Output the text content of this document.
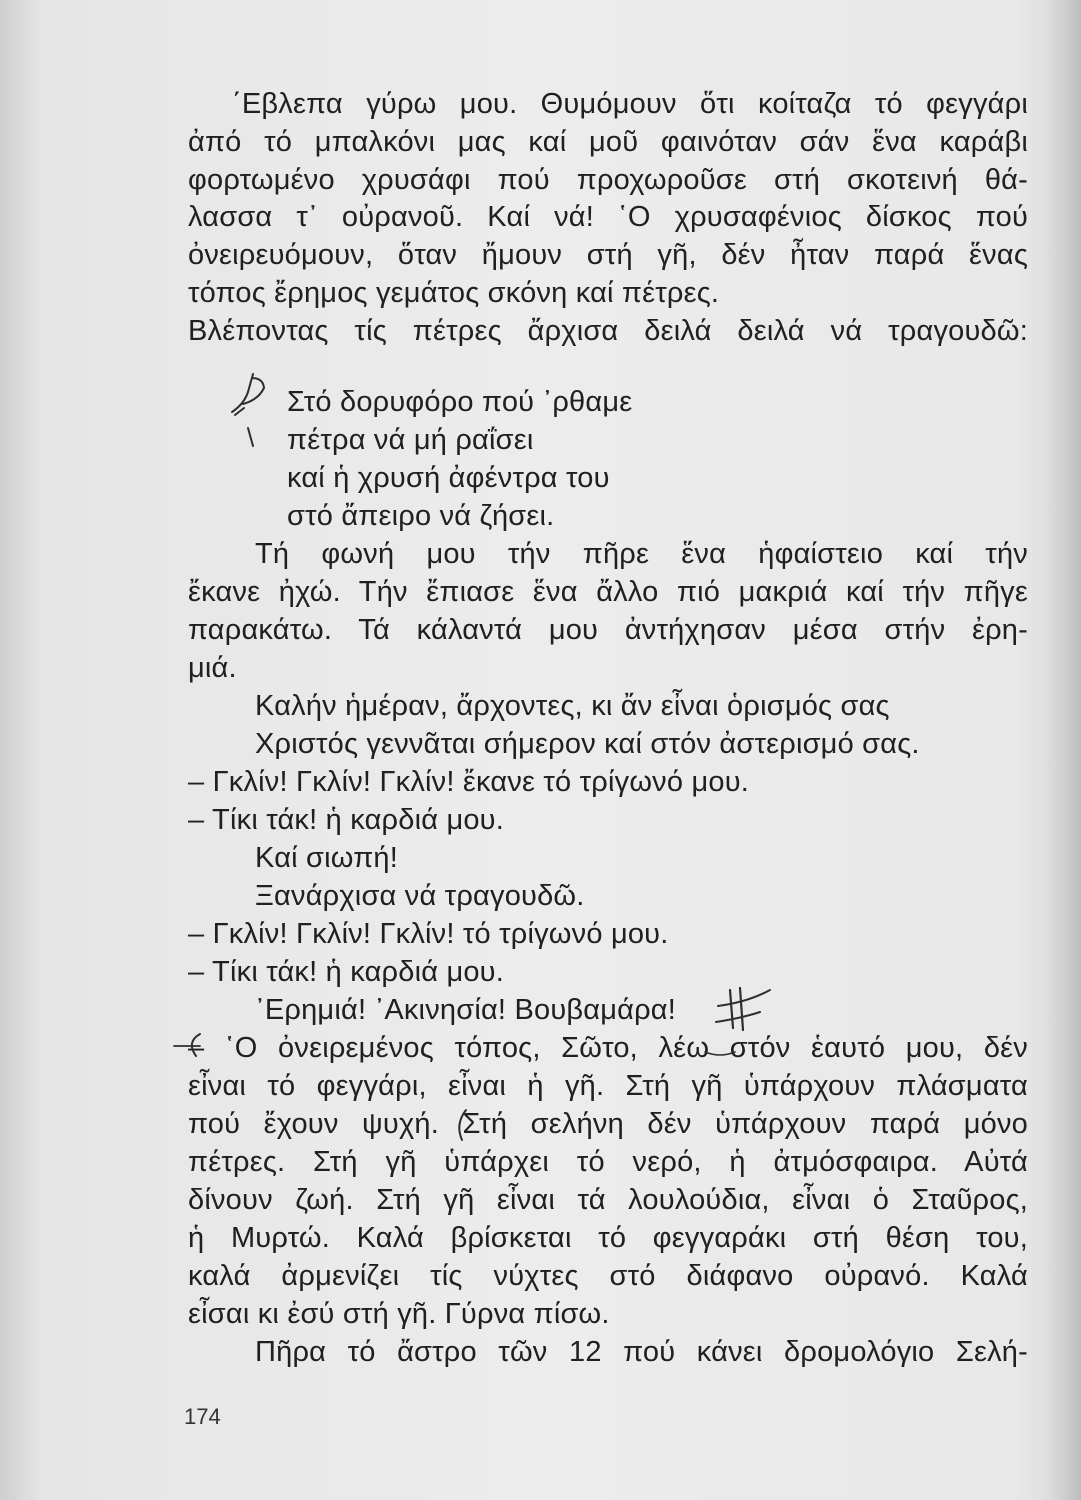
΄Εβλεπα γύρω μου. Θυμόμουν ὅτι κοίταζα τό φεγγάρι

ἀπό τό μπαλκόνι μας καί μοῦ φαινόταν σάν ἕνα καράβι

φορτωμένο χρυσάφι πού προχωροῦσε στή σκοτεινή θά-

λασσα τ᾿ οὐρανοῦ. Καί νά! ῾Ο χρυσαφένιος δίσκος πού

ὀνειρευόμουν, ὅταν ἤμουν στή γῆ, δέν ἦταν παρά ἕνας

τόπος ἔρημος γεμάτος σκόνη καί πέτρες.

Βλέποντας τίς πέτρες ἄρχισα δειλά δειλά νά τραγουδῶ:

Στό δορυφόρο πού ᾿ρθαμε

πέτρα νά μή ραΐσει

καί ἡ χρυσή ἀφέντρα του

στό ἄπειρο νά ζήσει.

Τή φωνή μου τήν πῆρε ἕνα ἡφαίστειο καί τήν

ἔκανε ἠχώ. Τήν ἔπιασε ἕνα ἄλλο πιό μακριά καί τήν πῆγε

παρακάτω. Τά κάλαντά μου ἀντήχησαν μέσα στήν ἐρη-

μιά.

Καλήν ἡμέραν, ἄρχοντες, κι ἄν εἶναι ὁρισμός σας

Χριστός γεννᾶται σήμερον καί στόν ἀστερισμό σας.

– Γκλίν! Γκλίν! Γκλίν! ἔκανε τό τρίγωνό μου.

– Τίκι τάκ! ἡ καρδιά μου.

Καί σιωπή!

Ξανάρχισα νά τραγουδῶ.

– Γκλίν! Γκλίν! Γκλίν! τό τρίγωνό μου.

– Τίκι τάκ! ἡ καρδιά μου.

᾿Ερημιά! ᾿Ακινησία! Βουβαμάρα!

– ῾Ο ὀνειρεμένος τόπος, Σῶτο, λέω στόν ἑαυτό μου, δέν

εἶναι τό φεγγάρι, εἶναι ἡ γῆ. Στή γῆ ὑπάρχουν πλάσματα

πού ἔχουν ψυχή. Στή σελήνη δέν ὑπάρχουν παρά μόνο

πέτρες. Στή γῆ ὑπάρχει τό νερό, ἡ ἀτμόσφαιρα. Αὐτά

δίνουν ζωή. Στή γῆ εἶναι τά λουλούδια, εἶναι ὁ Σταῦρος,

ἡ Μυρτώ. Καλά βρίσκεται τό φεγγαράκι στή θέση του,

καλά ἀρμενίζει τίς νύχτες στό διάφανο οὐρανό. Καλά

εἶσαι κι ἐσύ στή γῆ. Γύρνα πίσω.

Πῆρα τό ἄστρο τῶν 12 πού κάνει δρομολόγιο Σελή-

174
